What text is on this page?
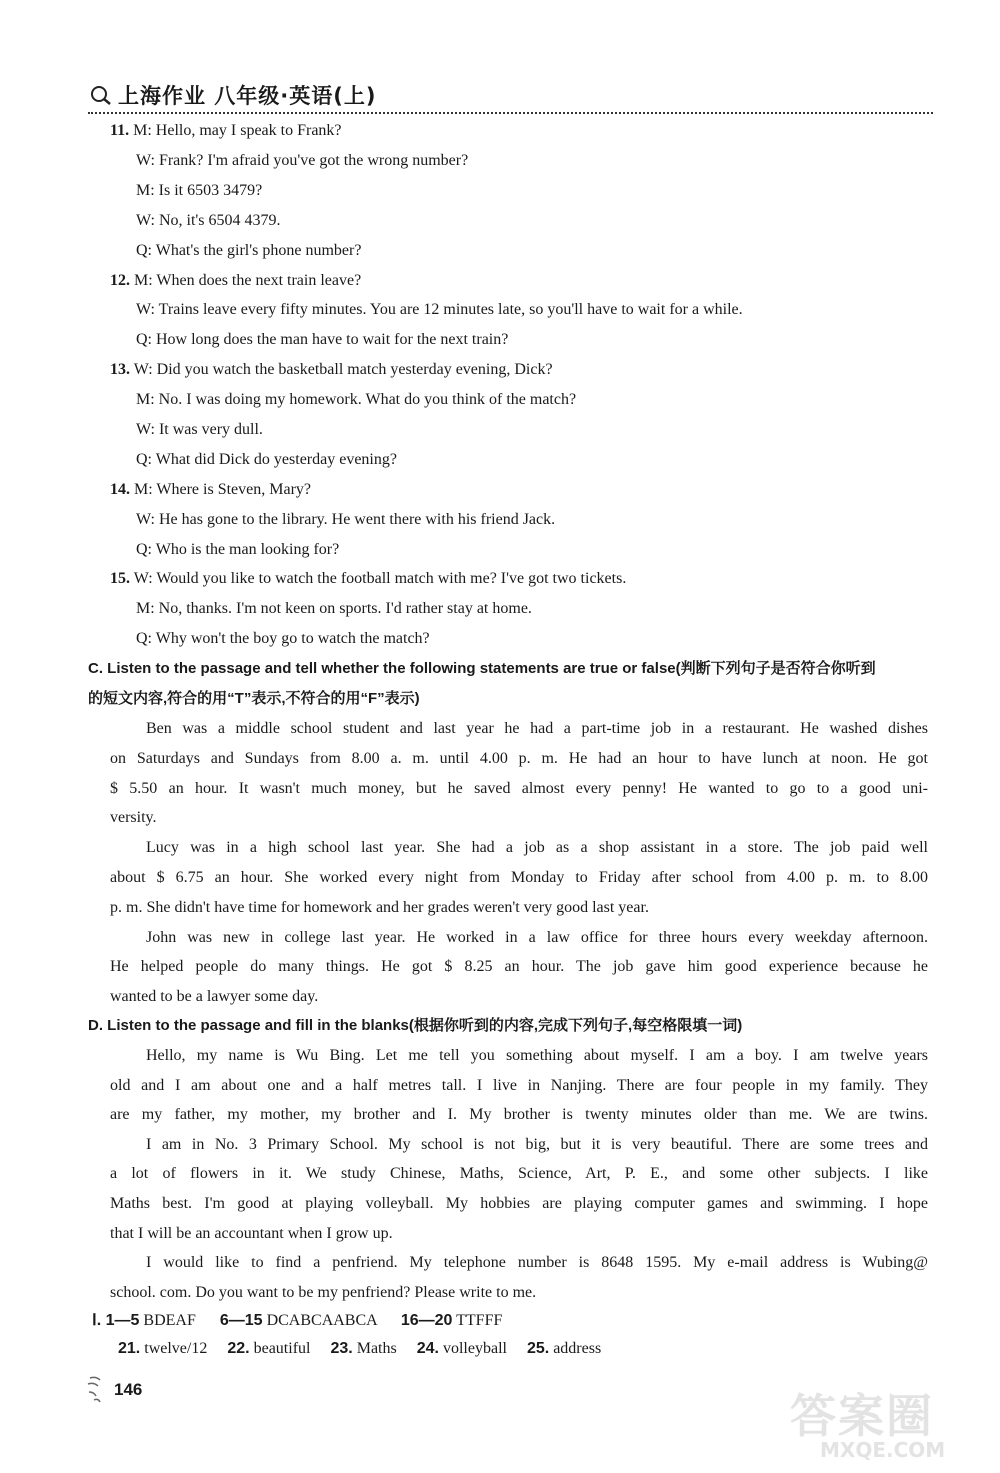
上海作业 八年级·英语(上)
11. M: Hello, may I speak to Frank?
W: Frank? I'm afraid you've got the wrong number?
M: Is it 6503 3479?
W: No, it's 6504 4379.
Q: What's the girl's phone number?
12. M: When does the next train leave?
W: Trains leave every fifty minutes. You are 12 minutes late, so you'll have to wait for a while.
Q: How long does the man have to wait for the next train?
13. W: Did you watch the basketball match yesterday evening, Dick?
M: No. I was doing my homework. What do you think of the match?
W: It was very dull.
Q: What did Dick do yesterday evening?
14. M: Where is Steven, Mary?
W: He has gone to the library. He went there with his friend Jack.
Q: Who is the man looking for?
15. W: Would you like to watch the football match with me? I've got two tickets.
M: No, thanks. I'm not keen on sports. I'd rather stay at home.
Q: Why won't the boy go to watch the match?
C. Listen to the passage and tell whether the following statements are true or false(判断下列句子是否符合你听到
的短文内容,符合的用“T”表示,不符合的用“F”表示)
Ben was a middle school student and last year he had a part-time job in a restaurant. He washed dishes
on Saturdays and Sundays from 8.00 a. m. until 4.00 p. m. He had an hour to have lunch at noon. He got
$ 5.50 an hour. It wasn't much money, but he saved almost every penny! He wanted to go to a good uni-
versity.
Lucy was in a high school last year. She had a job as a shop assistant in a store. The job paid well
about $ 6.75 an hour. She worked every night from Monday to Friday after school from 4.00 p. m. to 8.00
p. m. She didn't have time for homework and her grades weren't very good last year.
John was new in college last year. He worked in a law office for three hours every weekday afternoon.
He helped people do many things. He got $ 8.25 an hour. The job gave him good experience because he
wanted to be a lawyer some day.
D. Listen to the passage and fill in the blanks(根据你听到的内容,完成下列句子,每空格限填一词)
Hello, my name is Wu Bing. Let me tell you something about myself. I am a boy. I am twelve years
old and I am about one and a half metres tall. I live in Nanjing. There are four people in my family. They
are my father, my mother, my brother and I. My brother is twenty minutes older than me. We are twins.
I am in No. 3 Primary School. My school is not big, but it is very beautiful. There are some trees and
a lot of flowers in it. We study Chinese, Maths, Science, Art, P. E., and some other subjects. I like
Maths best. I'm good at playing volleyball. My hobbies are playing computer games and swimming. I hope
that I will be an accountant when I grow up.
I would like to find a penfriend. My telephone number is 8648 1595. My e-mail address is Wubing@
school. com. Do you want to be my penfriend? Please write to me.
Ⅰ. 1—5 BDEAF 6—15 DCABCAABCA 16—20 TTFFF
21. twelve/12 22. beautiful 23. Maths 24. volleyball 25. address
146	答案圈
MXQE.COM
